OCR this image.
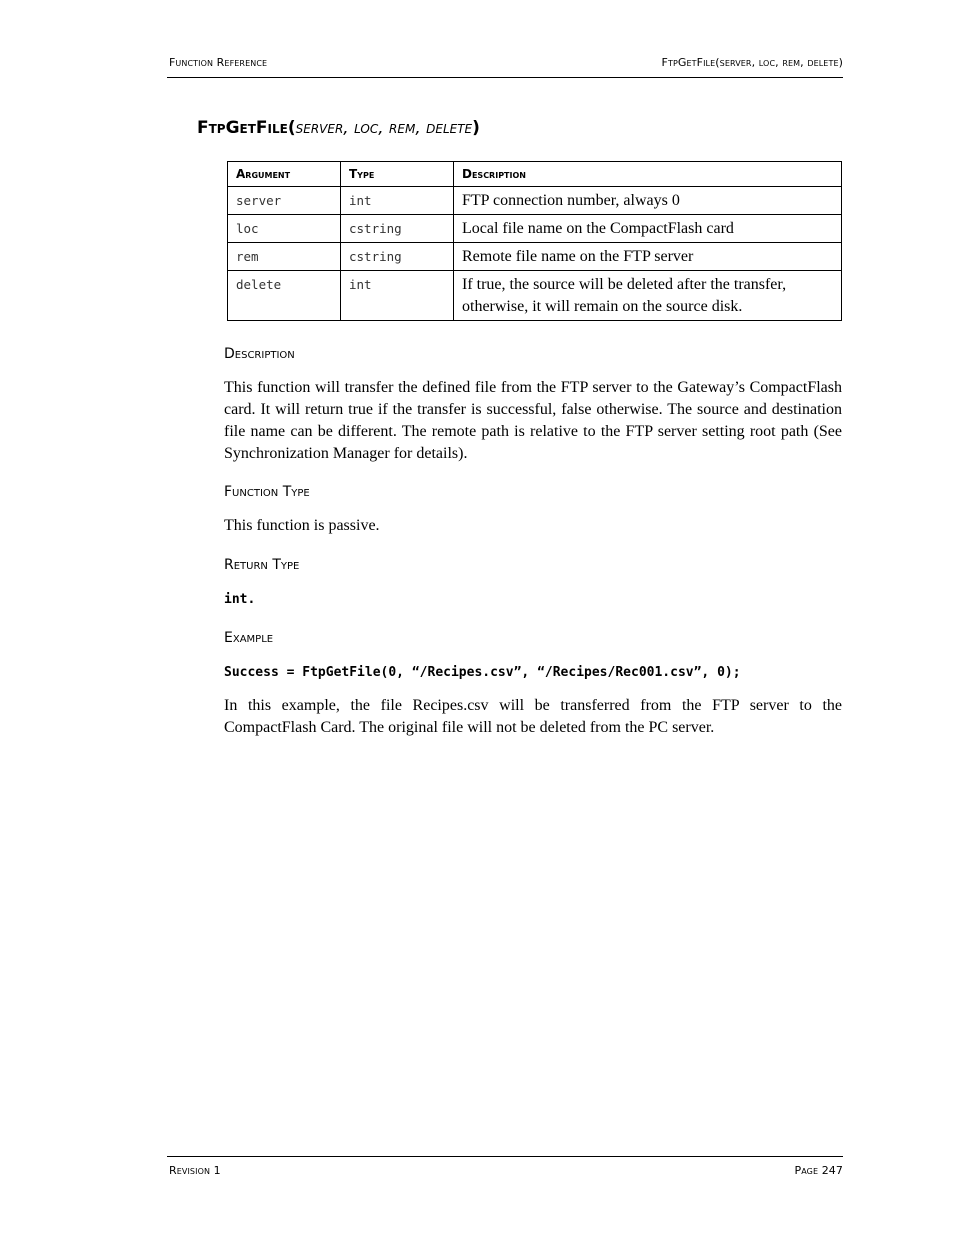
Function Reference	FtpGetFile(server, loc, rem, delete)
FtpGetFile(server, loc, rem, delete)
Argument	Type	Description
server	int	FTP connection number, always 0
loc	cstring	Local file name on the CompactFlash card
rem	cstring	Remote file name on the FTP server
delete	int	If true, the source will be deleted after the transfer, otherwise, it will remain on the source disk.
Description
This function will transfer the defined file from the FTP server to the Gateway’s CompactFlash card. It will return true if the transfer is successful, false otherwise. The source and destination file name can be different. The remote path is relative to the FTP server setting root path (See Synchronization Manager for details).
Function Type
This function is passive.
Return Type
int.
Example
Success = FtpGetFile(0, “/Recipes.csv”, “/Recipes/Rec001.csv”, 0);
In this example, the file Recipes.csv will be transferred from the FTP server to the CompactFlash Card. The original file will not be deleted from the PC server.
Revision 1	Page 247
